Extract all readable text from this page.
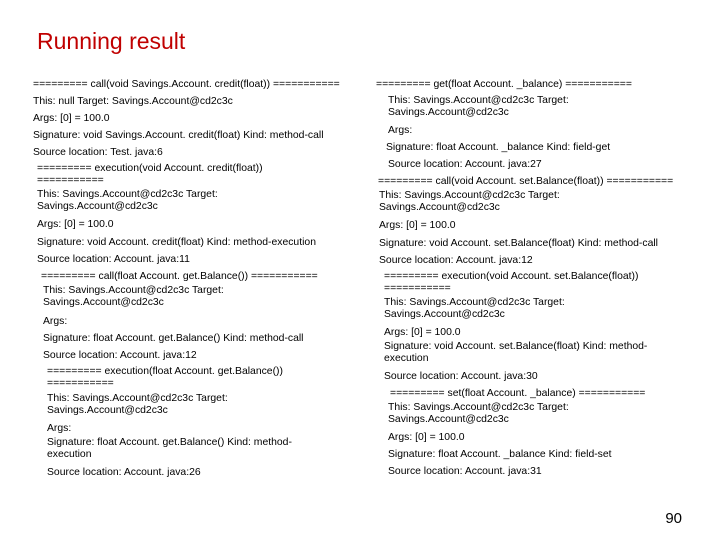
Running result
========= call(void Savings.Account. credit(float)) ===========
This: null Target: Savings.Account@cd2c3c
Args: [0] = 100.0
Signature: void Savings.Account. credit(float) Kind: method-call
Source location: Test. java:6
========= execution(void Account. credit(float)) ===========
This: Savings.Account@cd2c3c Target: Savings.Account@cd2c3c
Args: [0] = 100.0
Signature: void Account. credit(float) Kind: method-execution
Source location: Account. java:11
========= call(float Account. get.Balance()) ===========
This: Savings.Account@cd2c3c Target: Savings.Account@cd2c3c
Args:
Signature: float Account. get.Balance() Kind: method-call
Source location: Account. java:12
========= execution(float Account. get.Balance()) ===========
This: Savings.Account@cd2c3c Target: Savings.Account@cd2c3c
Args:
Signature: float Account. get.Balance() Kind: method-execution
Source location: Account. java:26
========= get(float Account. _balance) ===========
This: Savings.Account@cd2c3c Target: Savings.Account@cd2c3c
Args:
Signature: float Account. _balance Kind: field-get
Source location: Account. java:27
========= call(void Account. set.Balance(float)) ===========
This: Savings.Account@cd2c3c Target: Savings.Account@cd2c3c
Args: [0] = 100.0
Signature: void Account. set.Balance(float) Kind: method-call
Source location: Account. java:12
========= execution(void Account. set.Balance(float)) ===========
This: Savings.Account@cd2c3c Target: Savings.Account@cd2c3c
Args: [0] = 100.0
Signature: void Account. set.Balance(float) Kind: method-execution
Source location: Account. java:30
========= set(float Account. _balance) ===========
This: Savings.Account@cd2c3c Target: Savings.Account@cd2c3c
Args: [0] = 100.0
Signature: float Account. _balance Kind: field-set
Source location: Account. java:31
90
